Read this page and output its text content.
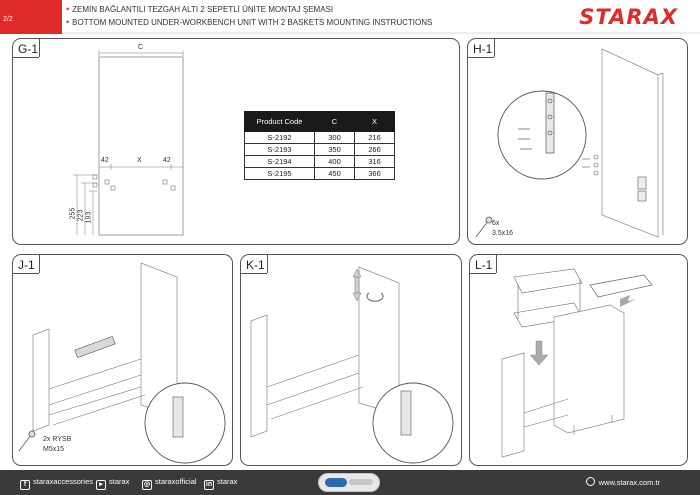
2/2
• ZEMİN BAĞLANTILI TEZGAH ALTI 2 SEPETLİ ÜNİTE MONTAJ ŞEMASI
• BOTTOM MOUNTED UNDER-WORKBENCH UNIT WITH 2 BASKETS MOUNTING INSTRUCTIONS	STARAX
G-1	C
X
42	42
255 223 193
Product Code	C	X
S-2192	300	216
S-2193	350	266
S-2194	400	316
S-2195	450	366
H-1
6x
3.5x16
J-1
2x RYSB
M5x15
K-1	L-1
f staraxaccessories ▸ starax ◎ staraxofficial in starax	www.starax.com.tr
